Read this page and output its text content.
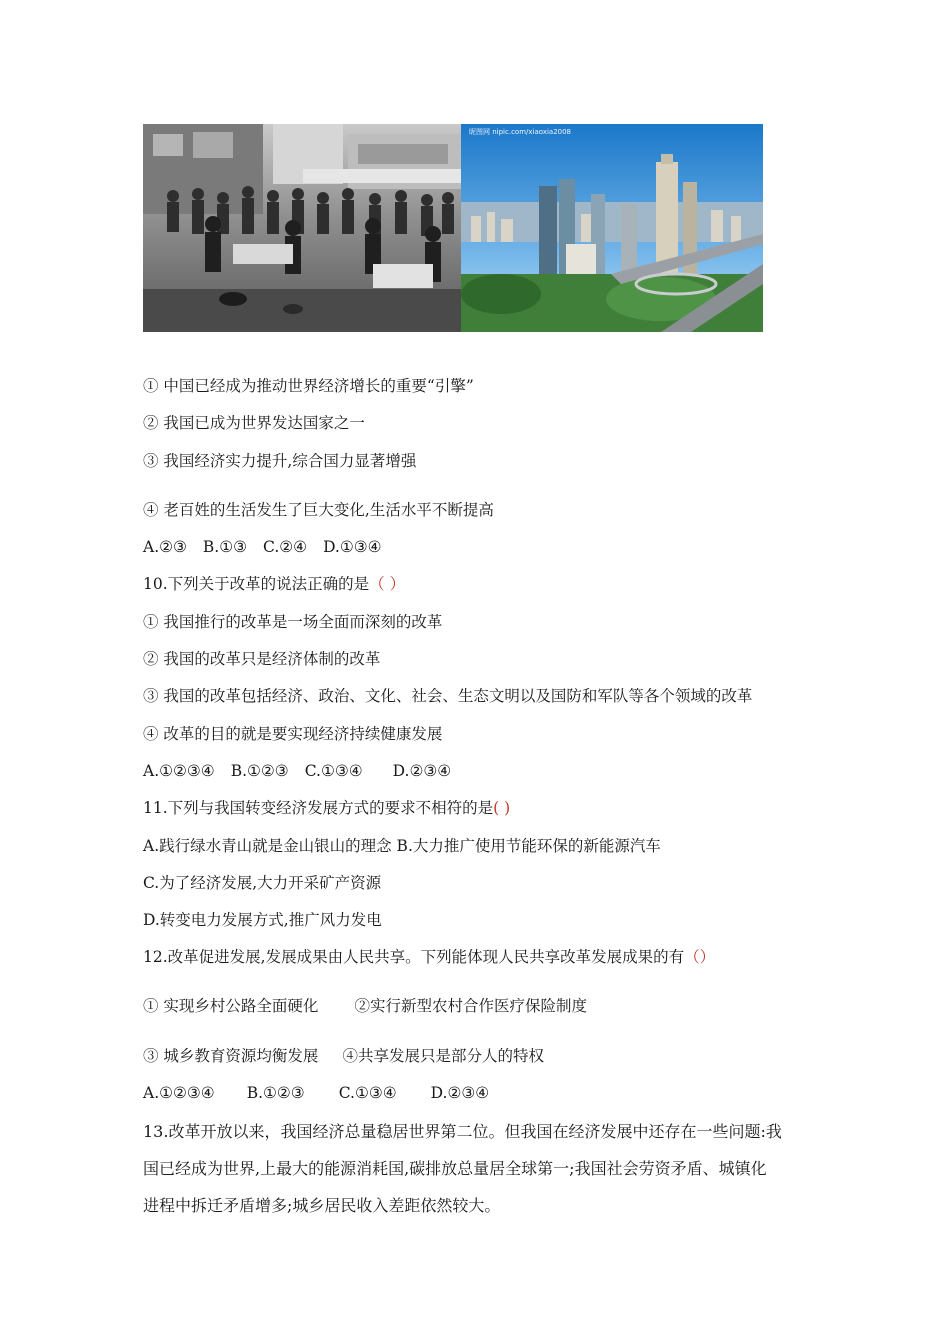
昵图网 nipic.com/xiaoxia2008
① 中国已经成为推动世界经济增长的重要“引擎”
② 我国已成为世界发达国家之一
③ 我国经济实力提升,综合国力显著增强
④ 老百姓的生活发生了巨大变化,生活水平不断提高
A.②③ B.①③ C.②④ D.①③④
10.下列关于改革的说法正确的是（ ）
① 我国推行的改革是一场全面而深刻的改革
② 我国的改革只是经济体制的改革
③ 我国的改革包括经济、政治、文化、社会、生态文明以及国防和军队等各个领域的改革
④ 改革的目的就是要实现经济持续健康发展
A.①②③④ B.①②③ C.①③④ D.②③④
11.下列与我国转变经济发展方式的要求不相符的是( )
A.践行绿水青山就是金山银山的理念 B.大力推广使用节能环保的新能源汽车
C.为了经济发展,大力开采矿产资源
D.转变电力发展方式,推广风力发电
12.改革促进发展,发展成果由人民共享。下列能体现人民共享改革发展成果的有（）
① 实现乡村公路全面硬化 ②实行新型农村合作医疗保险制度
③ 城乡教育资源均衡发展 ④共享发展只是部分人的特权
A.①②③④ B.①②③ C.①③④ D.②③④
13.改革开放以来，我国经济总量稳居世界第二位。但我国在经济发展中还存在一些问题:我
国已经成为世界,上最大的能源消耗国,碳排放总量居全球第一;我国社会劳资矛盾、城镇化
进程中拆迁矛盾增多;城乡居民收入差距依然较大。
